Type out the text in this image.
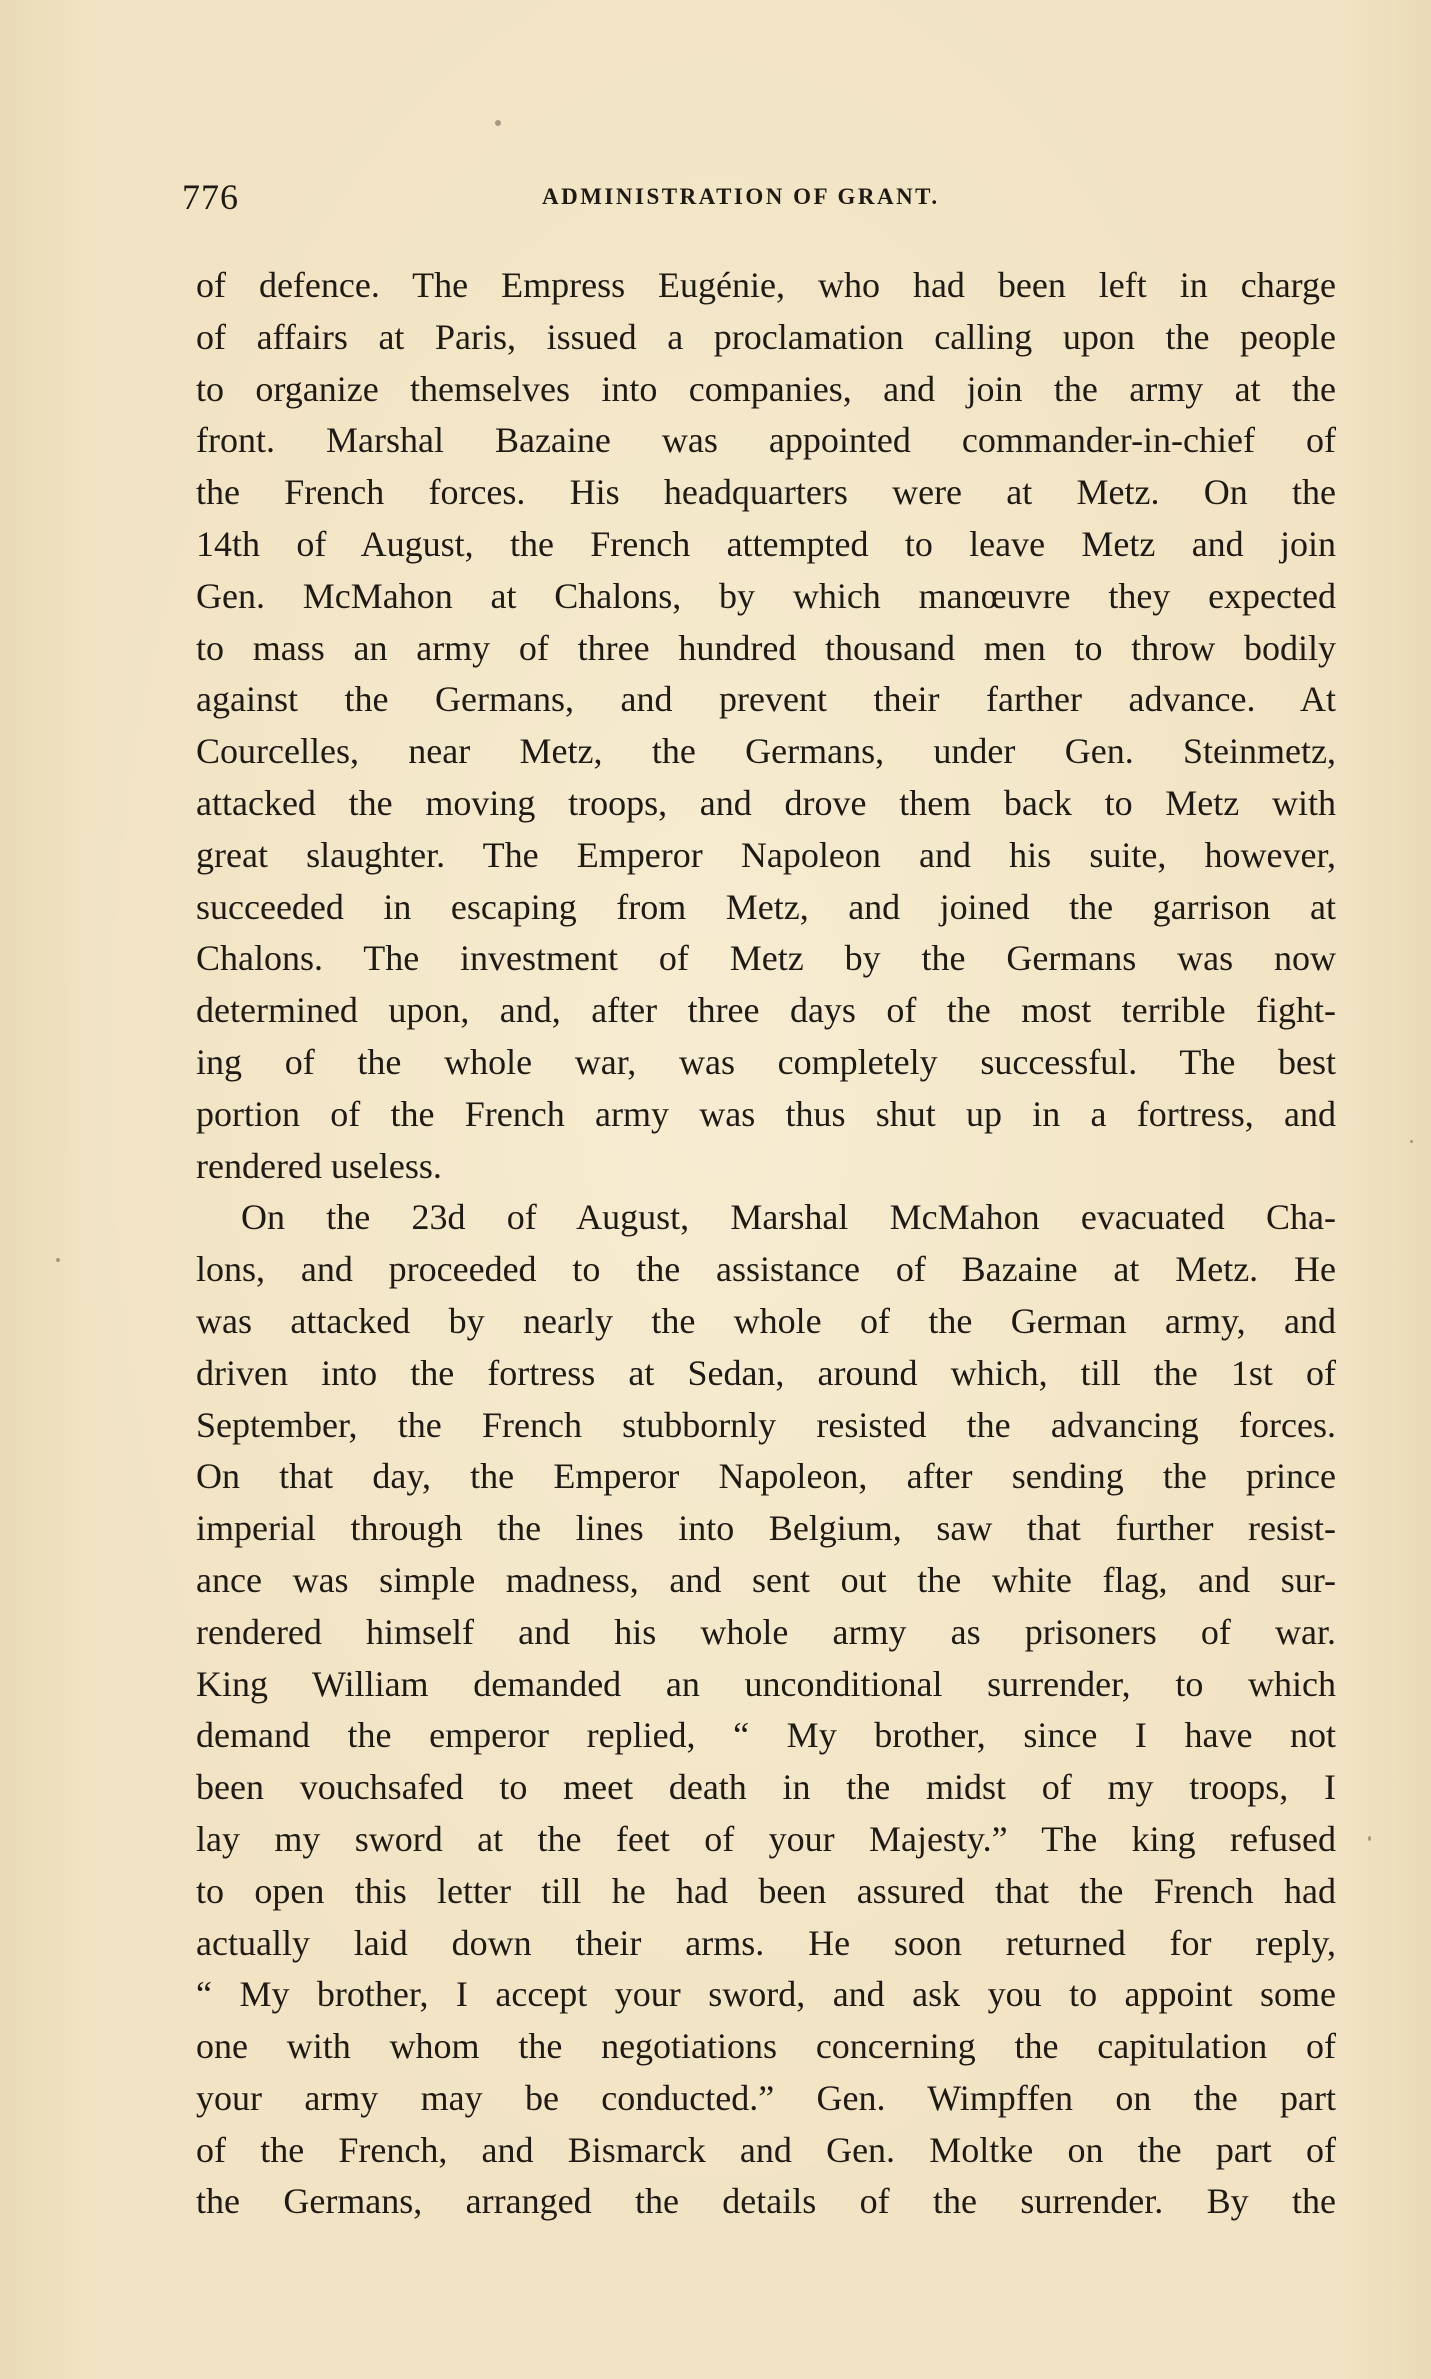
776	ADMINISTRATION OF GRANT.
of defence. The Empress Eugénie, who had been left in charge
of affairs at Paris, issued a proclamation calling upon the people
to organize themselves into companies, and join the army at the
front. Marshal Bazaine was appointed commander-in-chief of
the French forces. His headquarters were at Metz. On the
14th of August, the French attempted to leave Metz and join
Gen. McMahon at Chalons, by which manœuvre they expected
to mass an army of three hundred thousand men to throw bodily
against the Germans, and prevent their farther advance. At
Courcelles, near Metz, the Germans, under Gen. Steinmetz,
attacked the moving troops, and drove them back to Metz with
great slaughter. The Emperor Napoleon and his suite, however,
succeeded in escaping from Metz, and joined the garrison at
Chalons. The investment of Metz by the Germans was now
determined upon, and, after three days of the most terrible fight-
ing of the whole war, was completely successful. The best
portion of the French army was thus shut up in a fortress, and
rendered useless.
On the 23d of August, Marshal McMahon evacuated Cha-
lons, and proceeded to the assistance of Bazaine at Metz. He
was attacked by nearly the whole of the German army, and
driven into the fortress at Sedan, around which, till the 1st of
September, the French stubbornly resisted the advancing forces.
On that day, the Emperor Napoleon, after sending the prince
imperial through the lines into Belgium, saw that further resist-
ance was simple madness, and sent out the white flag, and sur-
rendered himself and his whole army as prisoners of war.
King William demanded an unconditional surrender, to which
demand the emperor replied, “ My brother, since I have not
been vouchsafed to meet death in the midst of my troops, I
lay my sword at the feet of your Majesty.” The king refused
to open this letter till he had been assured that the French had
actually laid down their arms. He soon returned for reply,
“ My brother, I accept your sword, and ask you to appoint some
one with whom the negotiations concerning the capitulation of
your army may be conducted.” Gen. Wimpffen on the part
of the French, and Bismarck and Gen. Moltke on the part of
the Germans, arranged the details of the surrender. By the
